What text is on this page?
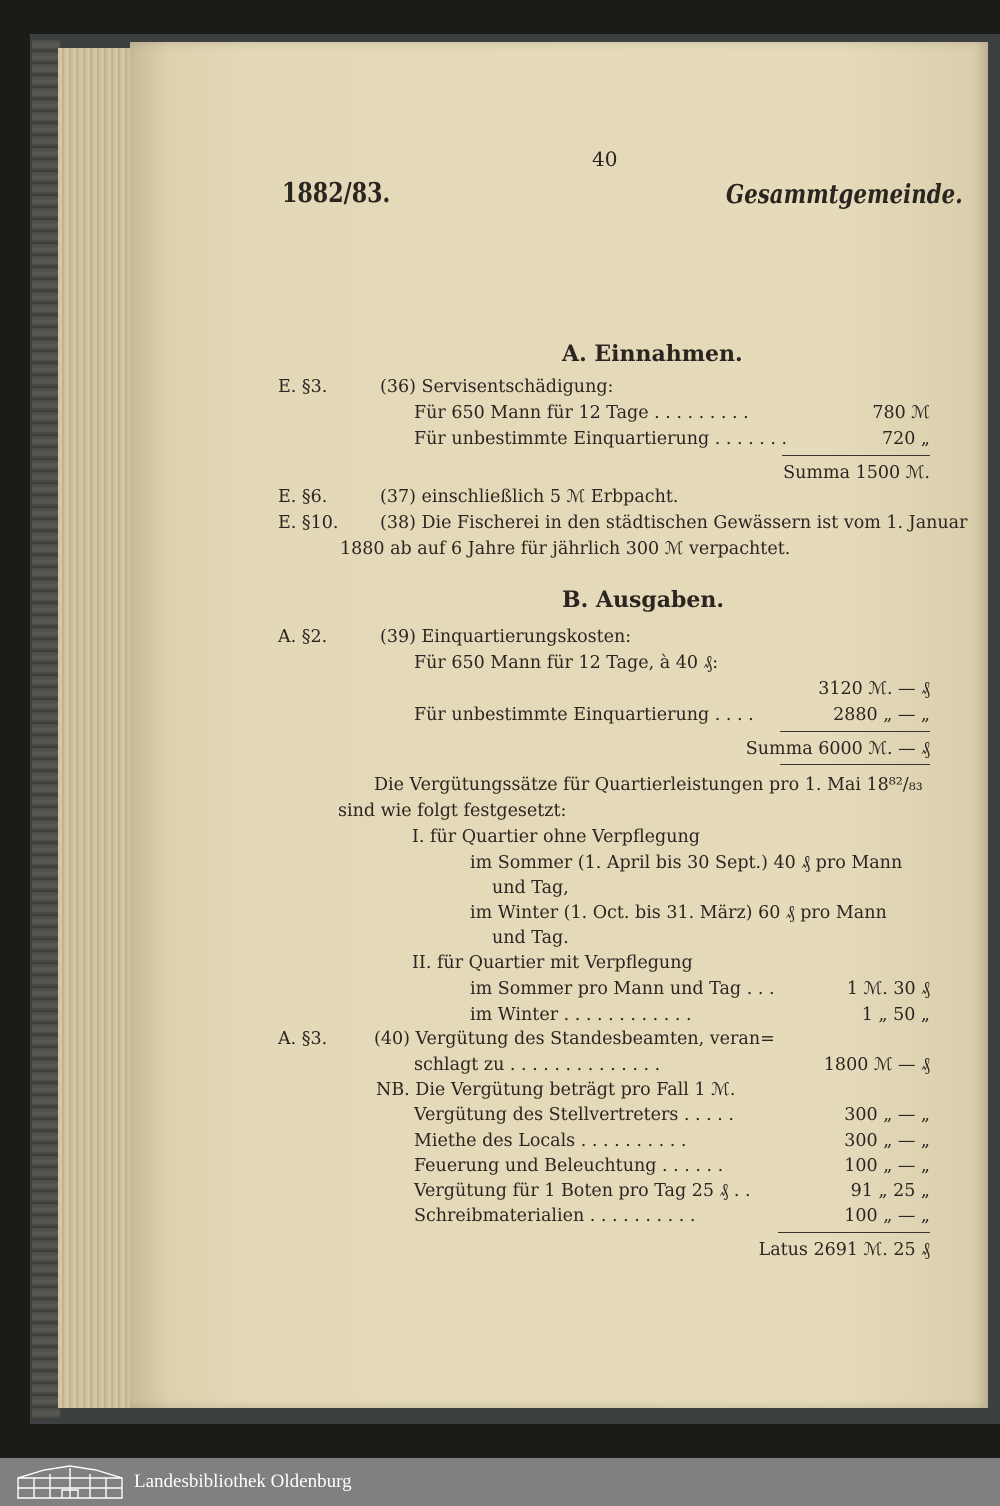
40
1882/83.	Gesammtgemeinde.
A. Einnahmen.
E. §3.	(36) Servisentschädigung:
Für 650 Mann für 12 Tage . . . . . . . . .	780 ℳ
Für unbestimmte Einquartierung . . . . . . .	720 „
Summa 1500 ℳ.
E. §6.	(37) einschließlich 5 ℳ Erbpacht.
E. §10. (38) Die Fischerei in den städtischen Gewässern ist vom 1. Januar
1880 ab auf 6 Jahre für jährlich 300 ℳ verpachtet.
B. Ausgaben.
A. §2.	(39) Einquartierungskosten:
Für 650 Mann für 12 Tage, à 40 ₰:
3120 ℳ. — ₰
Für unbestimmte Einquartierung . . . .	2880 „ — „
Summa 6000 ℳ. — ₰
Die Vergütungssätze für Quartierleistungen pro 1. Mai 18⁸²/₈₃
sind wie folgt festgesetzt:
I. für Quartier ohne Verpflegung
im Sommer (1. April bis 30 Sept.) 40 ₰ pro Mann
und Tag,
im Winter (1. Oct. bis 31. März) 60 ₰ pro Mann
und Tag.
II. für Quartier mit Verpflegung
im Sommer pro Mann und Tag . . .	1 ℳ. 30 ₰
im Winter . . . . . . . . . . . .	1 „ 50 „
A. §3.	(40) Vergütung des Standesbeamten, veran=
schlagt zu . . . . . . . . . . . . . .	1800 ℳ — ₰
NB. Die Vergütung beträgt pro Fall 1 ℳ.
Vergütung des Stellvertreters . . . . .	300 „ — „
Miethe des Locals . . . . . . . . . .	300 „ — „
Feuerung und Beleuchtung . . . . . .	100 „ — „
Vergütung für 1 Boten pro Tag 25 ₰ . .	91 „ 25 „
Schreibmaterialien . . . . . . . . . .	100 „ — „
Latus 2691 ℳ. 25 ₰
Landesbibliothek Oldenburg
